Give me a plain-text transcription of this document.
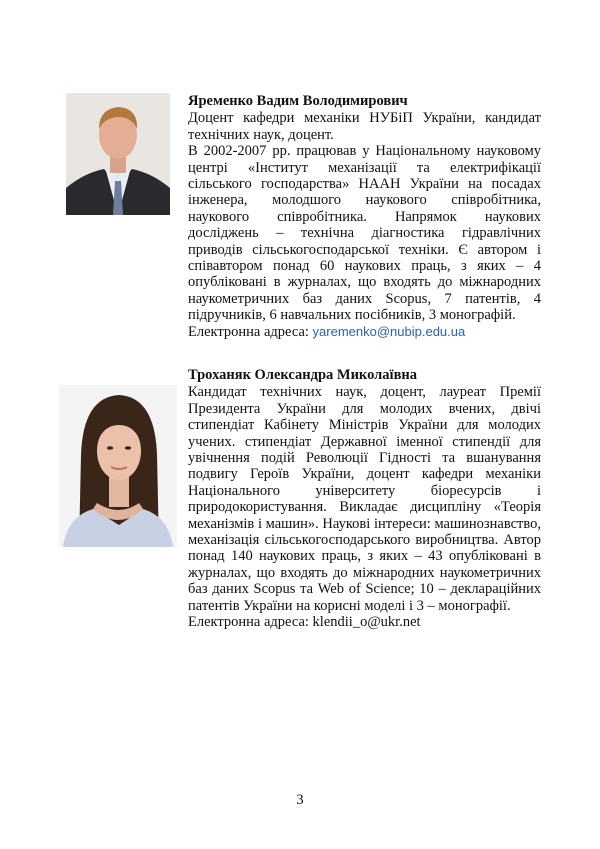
Яременко Вадим Володимирович

Доцент кафедри механіки НУБіП України, кандидат технічних наук, доцент.

В 2002-2007 рр. працював у Національному науковому центрі «Інститут механізації та електрифікації сільського господарства» НААН України на посадах інженера, молодшого наукового співробітника, наукового співробітника. Напрямок наукових досліджень – технічна діагностика гідравлічних приводів сільськогосподарської техніки. Є автором і співавтором понад 60 наукових праць, з яких – 4 опубліковані в журналах, що входять до міжнародних наукометричних баз даних Scopus, 7 патентів, 4 підручників, 6 навчальних посібників, 3 монографій.

Електронна адреса: yaremenko@nubip.edu.ua

Троханяк Олександра Миколаївна

Кандидат технічних наук, доцент, лауреат Премії Президента України для молодих вчених, двічі стипендіат Кабінету Міністрів України для молодих учених. стипендіат Державної іменної стипендії для увічнення подій Революції Гідності та вшанування подвигу Героїв України, доцент кафедри механіки Національного університету біоресурсів і природокористування. Викладає дисципліну «Теорія механізмів і машин». Наукові інтереси: машинознавство, механізація сільськогосподарського виробництва. Автор понад 140 наукових праць, з яких – 43 опубліковані в журналах, що входять до міжнародних наукометричних баз даних Scopus та Web of Science; 10 – деклараційних патентів України на корисні моделі і 3 – монографії.

Електронна адреса: klendii_o@ukr.net

3
